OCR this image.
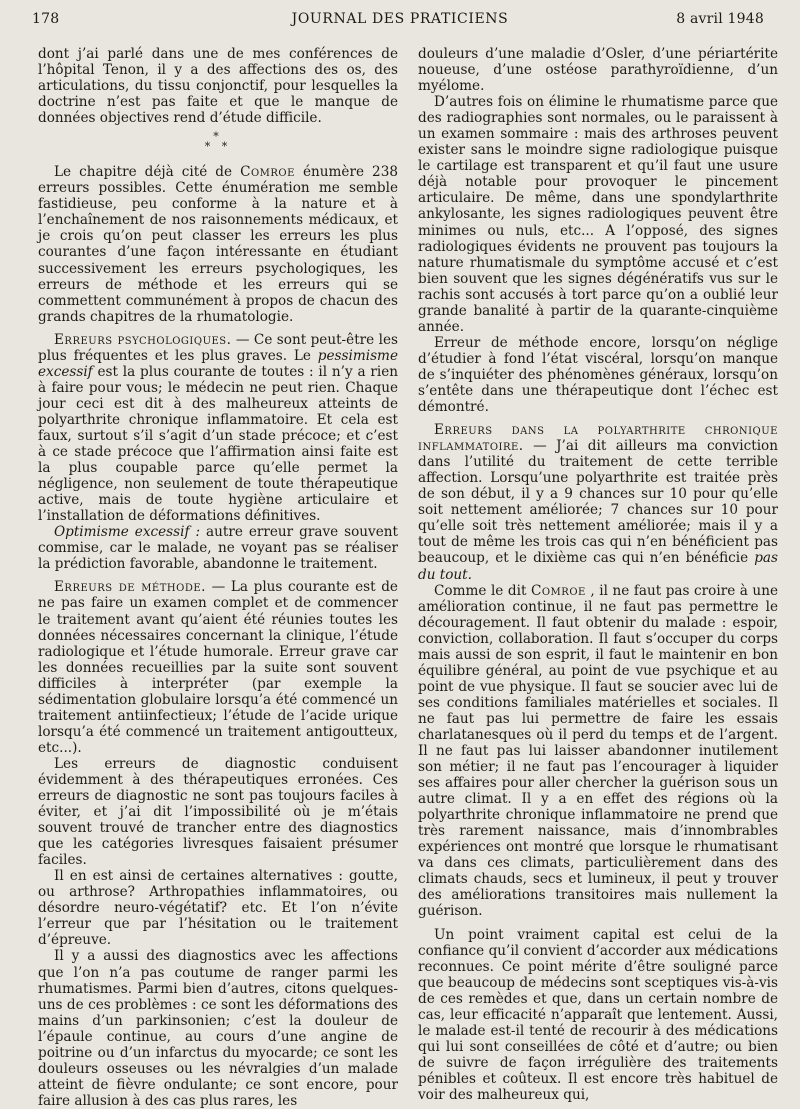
178	JOURNAL DES PRATICIENS	8 avril 1948

dont j’ai parlé dans une de mes conférences de l’hôpital Tenon, il y a des affections des os, des articulations, du tissu conjonctif, pour lesquelles la doctrine n’est pas faite et que le manque de données objectives rend d’étude difficile.

*
* *

Le chapitre déjà cité de Comroe énumère 238 erreurs possibles. Cette énumération me semble fastidieuse, peu conforme à la nature et à l’enchaînement de nos raisonnements médicaux, et je crois qu’on peut classer les erreurs les plus courantes d’une façon intéressante en étudiant successivement les erreurs psychologiques, les erreurs de méthode et les erreurs qui se commettent communément à propos de chacun des grands chapitres de la rhumatologie.

Erreurs psychologiques. — Ce sont peut-être les plus fréquentes et les plus graves. Le pessimisme excessif est la plus courante de toutes : il n’y a rien à faire pour vous; le médecin ne peut rien. Chaque jour ceci est dit à des malheureux atteints de polyarthrite chronique inflammatoire. Et cela est faux, surtout s’il s’agit d’un stade précoce; et c’est à ce stade précoce que l’affirmation ainsi faite est la plus coupable parce qu’elle permet la négligence, non seulement de toute thérapeutique active, mais de toute hygiène articulaire et l’installation de déformations définitives.

Optimisme excessif : autre erreur grave souvent commise, car le malade, ne voyant pas se réaliser la prédiction favorable, abandonne le traitement.

Erreurs de méthode. — La plus courante est de ne pas faire un examen complet et de commencer le traitement avant qu’aient été réunies toutes les données nécessaires concernant la clinique, l’étude radiologique et l’étude humorale. Erreur grave car les données recueillies par la suite sont souvent difficiles à interpréter (par exemple la sédimentation globulaire lorsqu’a été commencé un traitement antiinfectieux; l’étude de l’acide urique lorsqu’a été commencé un traitement antigoutteux, etc...).

Les erreurs de diagnostic conduisent évidemment à des thérapeutiques erronées. Ces erreurs de diagnostic ne sont pas toujours faciles à éviter, et j’ai dit l’impossibilité où je m’étais souvent trouvé de trancher entre des diagnostics que les catégories livresques faisaient présumer faciles.

Il en est ainsi de certaines alternatives : goutte, ou arthrose? Arthropathies inflammatoires, ou désordre neuro-végétatif? etc. Et l’on n’évite l’erreur que par l’hésitation ou le traitement d’épreuve.

Il y a aussi des diagnostics avec les affections que l’on n’a pas coutume de ranger parmi les rhumatismes. Parmi bien d’autres, citons quelques-uns de ces problèmes : ce sont les déformations des mains d’un parkinsonien; c’est la douleur de l’épaule continue, au cours d’une angine de poitrine ou d’un infarctus du myocarde; ce sont les douleurs osseuses ou les névralgies d’un malade atteint de fièvre ondulante; ce sont encore, pour faire allusion à des cas plus rares, les

douleurs d’une maladie d’Osler, d’une périartérite noueuse, d’une ostéose parathyroïdienne, d’un myélome.

D’autres fois on élimine le rhumatisme parce que des radiographies sont normales, ou le paraissent à un examen sommaire : mais des arthroses peuvent exister sans le moindre signe radiologique puisque le cartilage est transparent et qu’il faut une usure déjà notable pour provoquer le pincement articulaire. De même, dans une spondylarthrite ankylosante, les signes radiologiques peuvent être minimes ou nuls, etc... A l’opposé, des signes radiologiques évidents ne prouvent pas toujours la nature rhumatismale du symptôme accusé et c’est bien souvent que les signes dégénératifs vus sur le rachis sont accusés à tort parce qu’on a oublié leur grande banalité à partir de la quarante-cinquième année.

Erreur de méthode encore, lorsqu’on néglige d’étudier à fond l’état viscéral, lorsqu’on manque de s’inquiéter des phénomènes généraux, lorsqu’on s’entête dans une thérapeutique dont l’échec est démontré.

Erreurs dans la polyarthrite chronique inflammatoire. — J’ai dit ailleurs ma conviction dans l’utilité du traitement de cette terrible affection. Lorsqu’une polyarthrite est traitée près de son début, il y a 9 chances sur 10 pour qu’elle soit nettement améliorée; 7 chances sur 10 pour qu’elle soit très nettement améliorée; mais il y a tout de même les trois cas qui n’en bénéficient pas beaucoup, et le dixième cas qui n’en bénéficie pas du tout.

Comme le dit Comroe , il ne faut pas croire à une amélioration continue, il ne faut pas permettre le découragement. Il faut obtenir du malade : espoir, conviction, collaboration. Il faut s’occuper du corps mais aussi de son esprit, il faut le maintenir en bon équilibre général, au point de vue psychique et au point de vue physique. Il faut se soucier avec lui de ses conditions familiales matérielles et sociales. Il ne faut pas lui permettre de faire les essais charlatanesques où il perd du temps et de l’argent. Il ne faut pas lui laisser abandonner inutilement son métier; il ne faut pas l’encourager à liquider ses affaires pour aller chercher la guérison sous un autre climat. Il y a en effet des régions où la polyarthrite chronique inflammatoire ne prend que très rarement naissance, mais d’innombrables expériences ont montré que lorsque le rhumatisant va dans ces climats, particulièrement dans des climats chauds, secs et lumineux, il peut y trouver des améliorations transitoires mais nullement la guérison.

Un point vraiment capital est celui de la confiance qu’il convient d’accorder aux médications reconnues. Ce point mérite d’être souligné parce que beaucoup de médecins sont sceptiques vis-à-vis de ces remèdes et que, dans un certain nombre de cas, leur efficacité n’apparaît que lentement. Aussi, le malade est-il tenté de recourir à des médications qui lui sont conseillées de côté et d’autre; ou bien de suivre de façon irrégulière des traitements pénibles et coûteux. Il est encore très habituel de voir des malheureux qui,
